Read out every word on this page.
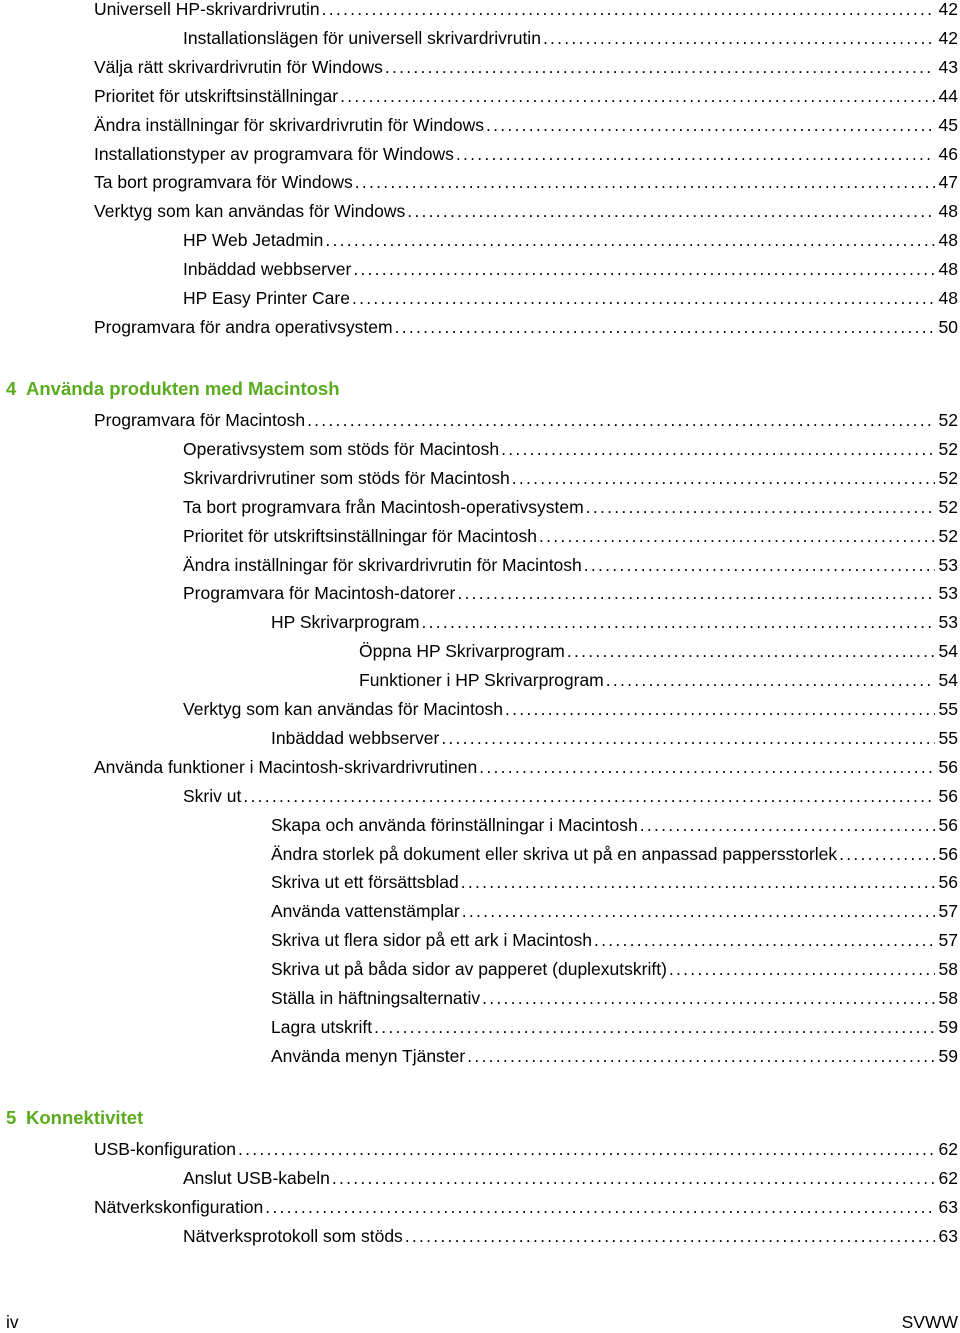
Universell HP-skrivardrivrutin . . .	42
Installationslägen för universell skrivardrivrutin . . .	42
Välja rätt skrivardrivrutin för Windows . . .	43
Prioritet för utskriftsinställningar . . .	44
Ändra inställningar för skrivardrivrutin för Windows . . .	45
Installationstyper av programvara för Windows . . .	46
Ta bort programvara för Windows . . .	47
Verktyg som kan användas för Windows . . .	48
HP Web Jetadmin . . .	48
Inbäddad webbserver . . .	48
HP Easy Printer Care . . .	48
Programvara för andra operativsystem . . .	50
4 Använda produkten med Macintosh
Programvara för Macintosh . . .	52
Operativsystem som stöds för Macintosh . . .	52
Skrivardrivrutiner som stöds för Macintosh . . .	52
Ta bort programvara från Macintosh-operativsystem . . .	52
Prioritet för utskriftsinställningar för Macintosh . . .	52
Ändra inställningar för skrivardrivrutin för Macintosh . . .	53
Programvara för Macintosh-datorer . . .	53
HP Skrivarprogram . . .	53
Öppna HP Skrivarprogram . . .	54
Funktioner i HP Skrivarprogram . . .	54
Verktyg som kan användas för Macintosh . . .	55
Inbäddad webbserver . . .	55
Använda funktioner i Macintosh-skrivardrivrutinen . . .	56
Skriv ut . . .	56
Skapa och använda förinställningar i Macintosh . . .	56
Ändra storlek på dokument eller skriva ut på en anpassad pappersstorlek . . .	56
Skriva ut ett försättsblad . . .	56
Använda vattenstämplar . . .	57
Skriva ut flera sidor på ett ark i Macintosh . . .	57
Skriva ut på båda sidor av papperet (duplexutskrift) . . .	58
Ställa in häftningsalternativ . . .	58
Lagra utskrift . . .	59
Använda menyn Tjänster . . .	59
5 Konnektivitet
USB-konfiguration . . .	62
Anslut USB-kabeln . . .	62
Nätverkskonfiguration . . .	63
Nätverksprotokoll som stöds . . .	63
iv	SVWW
